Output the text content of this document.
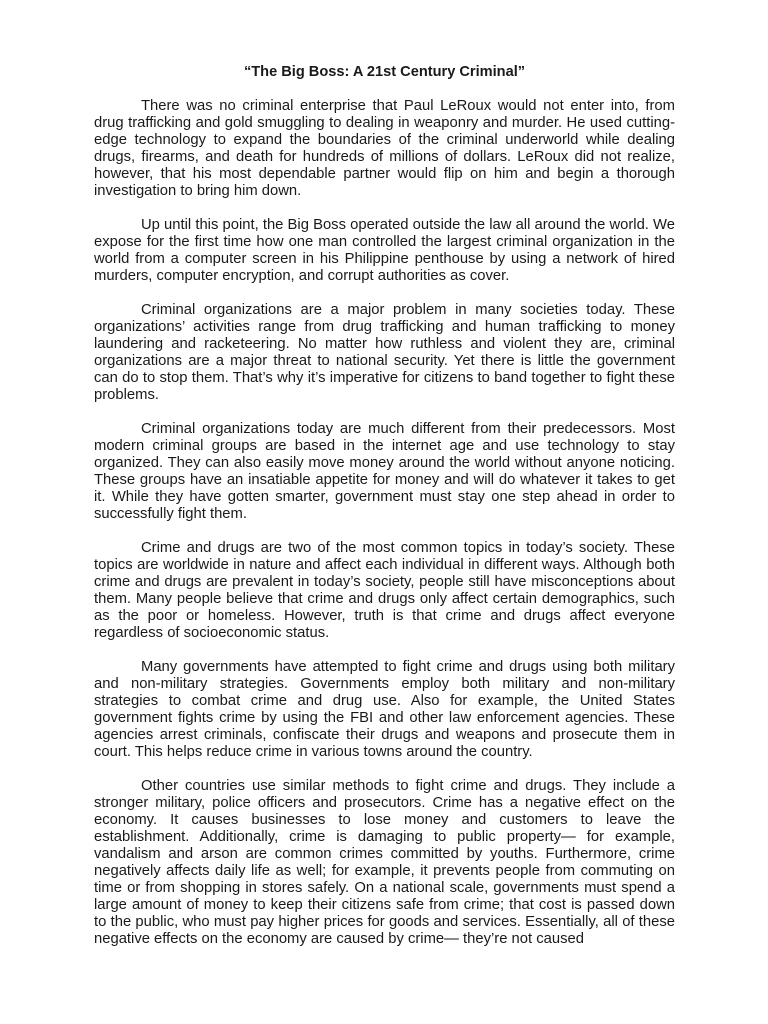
“The Big Boss: A 21st Century Criminal”

There was no criminal enterprise that Paul LeRoux would not enter into, from drug trafficking and gold smuggling to dealing in weaponry and murder. He used cutting-edge technology to expand the boundaries of the criminal underworld while dealing drugs, firearms, and death for hundreds of millions of dollars. LeRoux did not realize, however, that his most dependable partner would flip on him and begin a thorough investigation to bring him down.

Up until this point, the Big Boss operated outside the law all around the world. We expose for the first time how one man controlled the largest criminal organization in the world from a computer screen in his Philippine penthouse by using a network of hired murders, computer encryption, and corrupt authorities as cover.

Criminal organizations are a major problem in many societies today. These organizations’ activities range from drug trafficking and human trafficking to money laundering and racketeering. No matter how ruthless and violent they are, criminal organizations are a major threat to national security. Yet there is little the government can do to stop them. That’s why it’s imperative for citizens to band together to fight these problems.

Criminal organizations today are much different from their predecessors. Most modern criminal groups are based in the internet age and use technology to stay organized. They can also easily move money around the world without anyone noticing. These groups have an insatiable appetite for money and will do whatever it takes to get it. While they have gotten smarter, government must stay one step ahead in order to successfully fight them.

Crime and drugs are two of the most common topics in today’s society. These topics are worldwide in nature and affect each individual in different ways. Although both crime and drugs are prevalent in today’s society, people still have misconceptions about them. Many people believe that crime and drugs only affect certain demographics, such as the poor or homeless. However, truth is that crime and drugs affect everyone regardless of socioeconomic status.

Many governments have attempted to fight crime and drugs using both military and non-military strategies. Governments employ both military and non-military strategies to combat crime and drug use. Also for example, the United States government fights crime by using the FBI and other law enforcement agencies. These agencies arrest criminals, confiscate their drugs and weapons and prosecute them in court. This helps reduce crime in various towns around the country.

Other countries use similar methods to fight crime and drugs. They include a stronger military, police officers and prosecutors. Crime has a negative effect on the economy. It causes businesses to lose money and customers to leave the establishment. Additionally, crime is damaging to public property— for example, vandalism and arson are common crimes committed by youths. Furthermore, crime negatively affects daily life as well; for example, it prevents people from commuting on time or from shopping in stores safely. On a national scale, governments must spend a large amount of money to keep their citizens safe from crime; that cost is passed down to the public, who must pay higher prices for goods and services. Essentially, all of these negative effects on the economy are caused by crime— they’re not caused
